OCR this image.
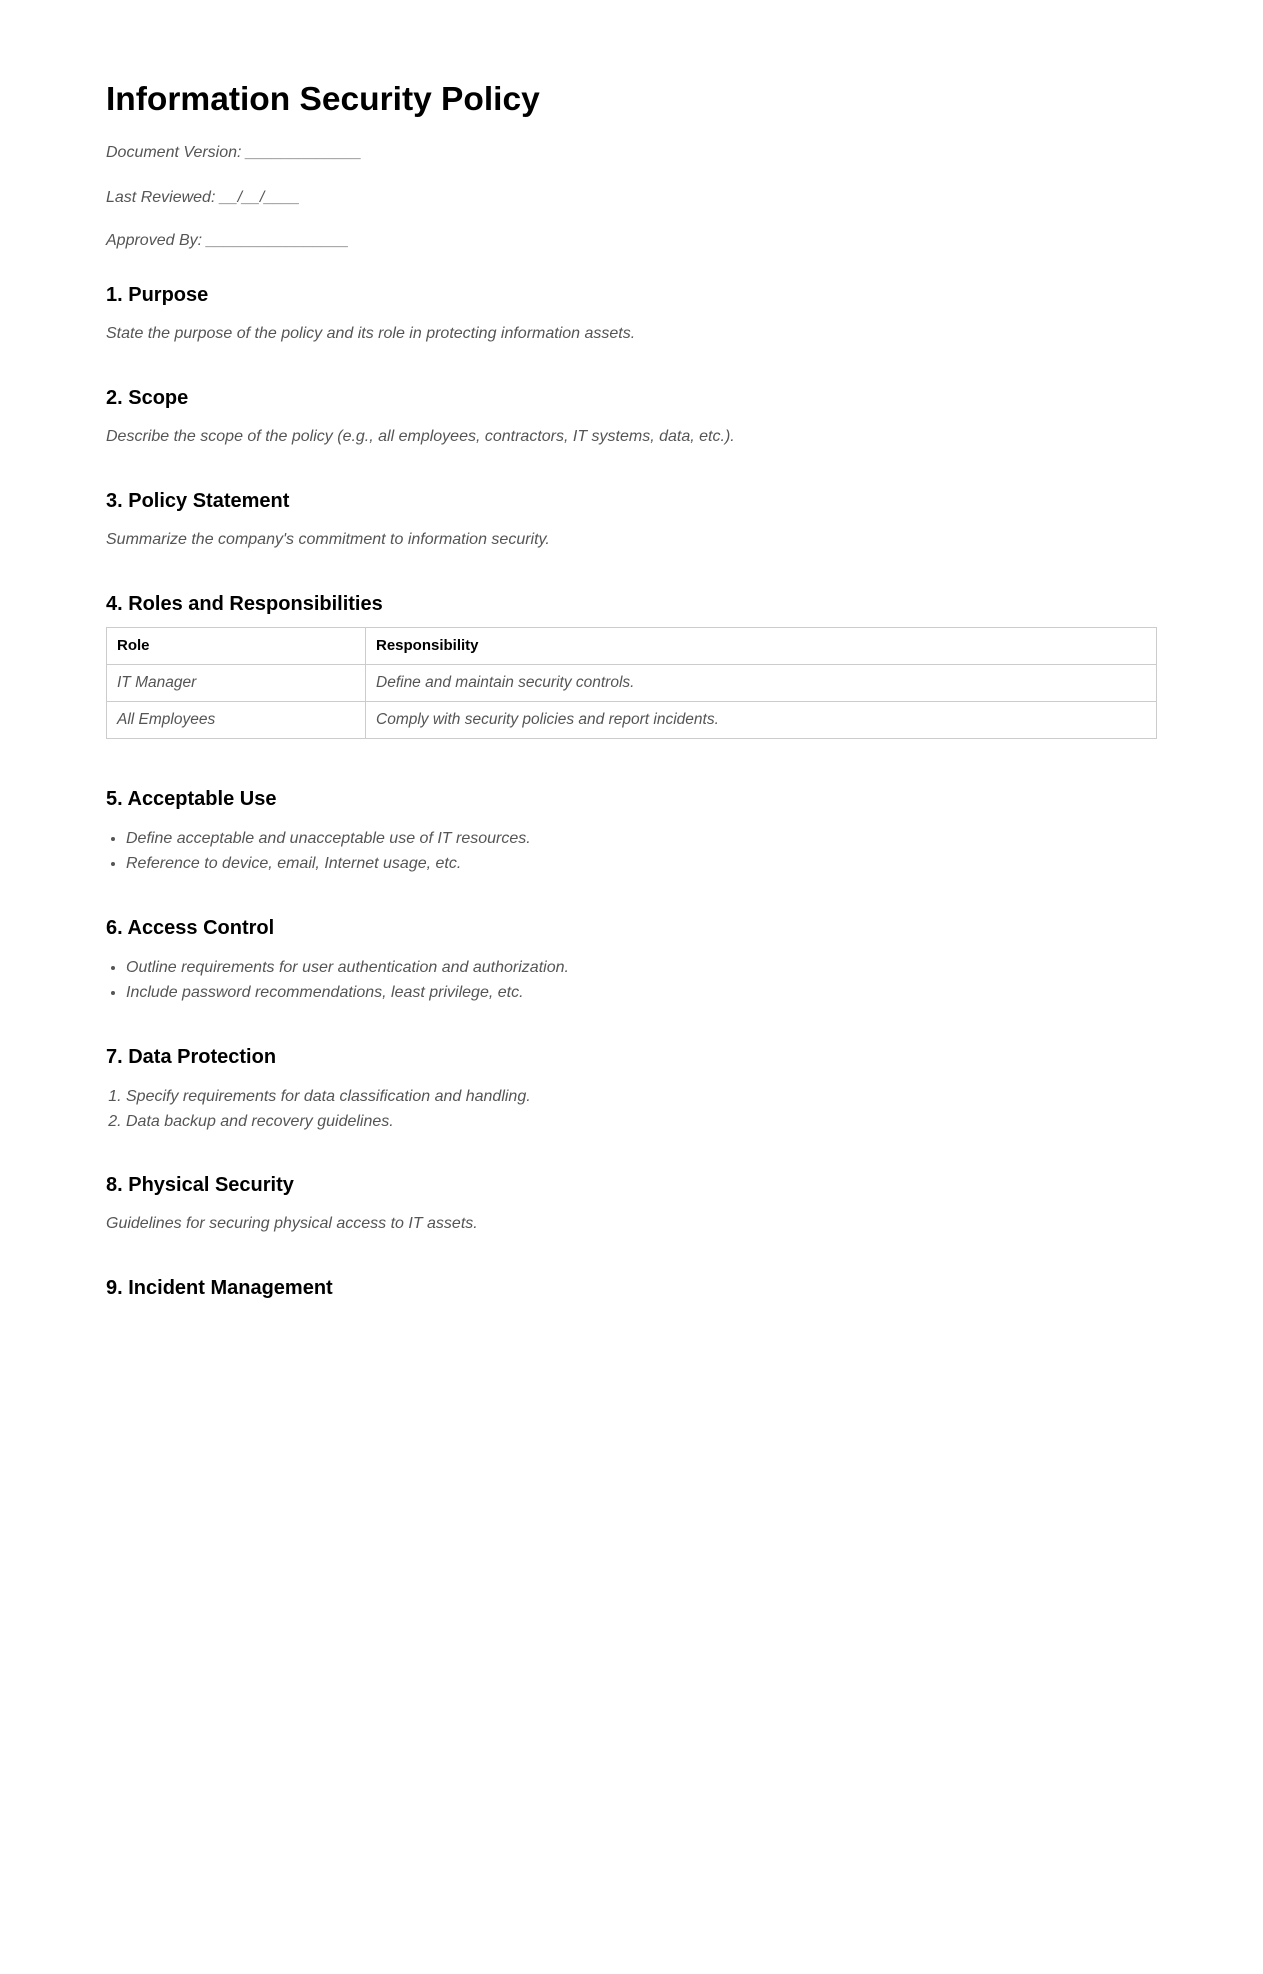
Information Security Policy

Document Version: _____________

Last Reviewed: __/__/____

Approved By: ________________

1. Purpose

State the purpose of the policy and its role in protecting information assets.

2. Scope

Describe the scope of the policy (e.g., all employees, contractors, IT systems, data, etc.).

3. Policy Statement

Summarize the company's commitment to information security.

4. Roles and Responsibilities
Role	Responsibility
IT Manager	Define and maintain security controls.
All Employees	Comply with security policies and report incidents.
5. Acceptable Use
• Define acceptable and unacceptable use of IT resources.
• Reference to device, email, Internet usage, etc.
6. Access Control
• Outline requirements for user authentication and authorization.
• Include password recommendations, least privilege, etc.
7. Data Protection
1. Specify requirements for data classification and handling.
2. Data backup and recovery guidelines.
8. Physical Security

Guidelines for securing physical access to IT assets.

9. Incident Management
